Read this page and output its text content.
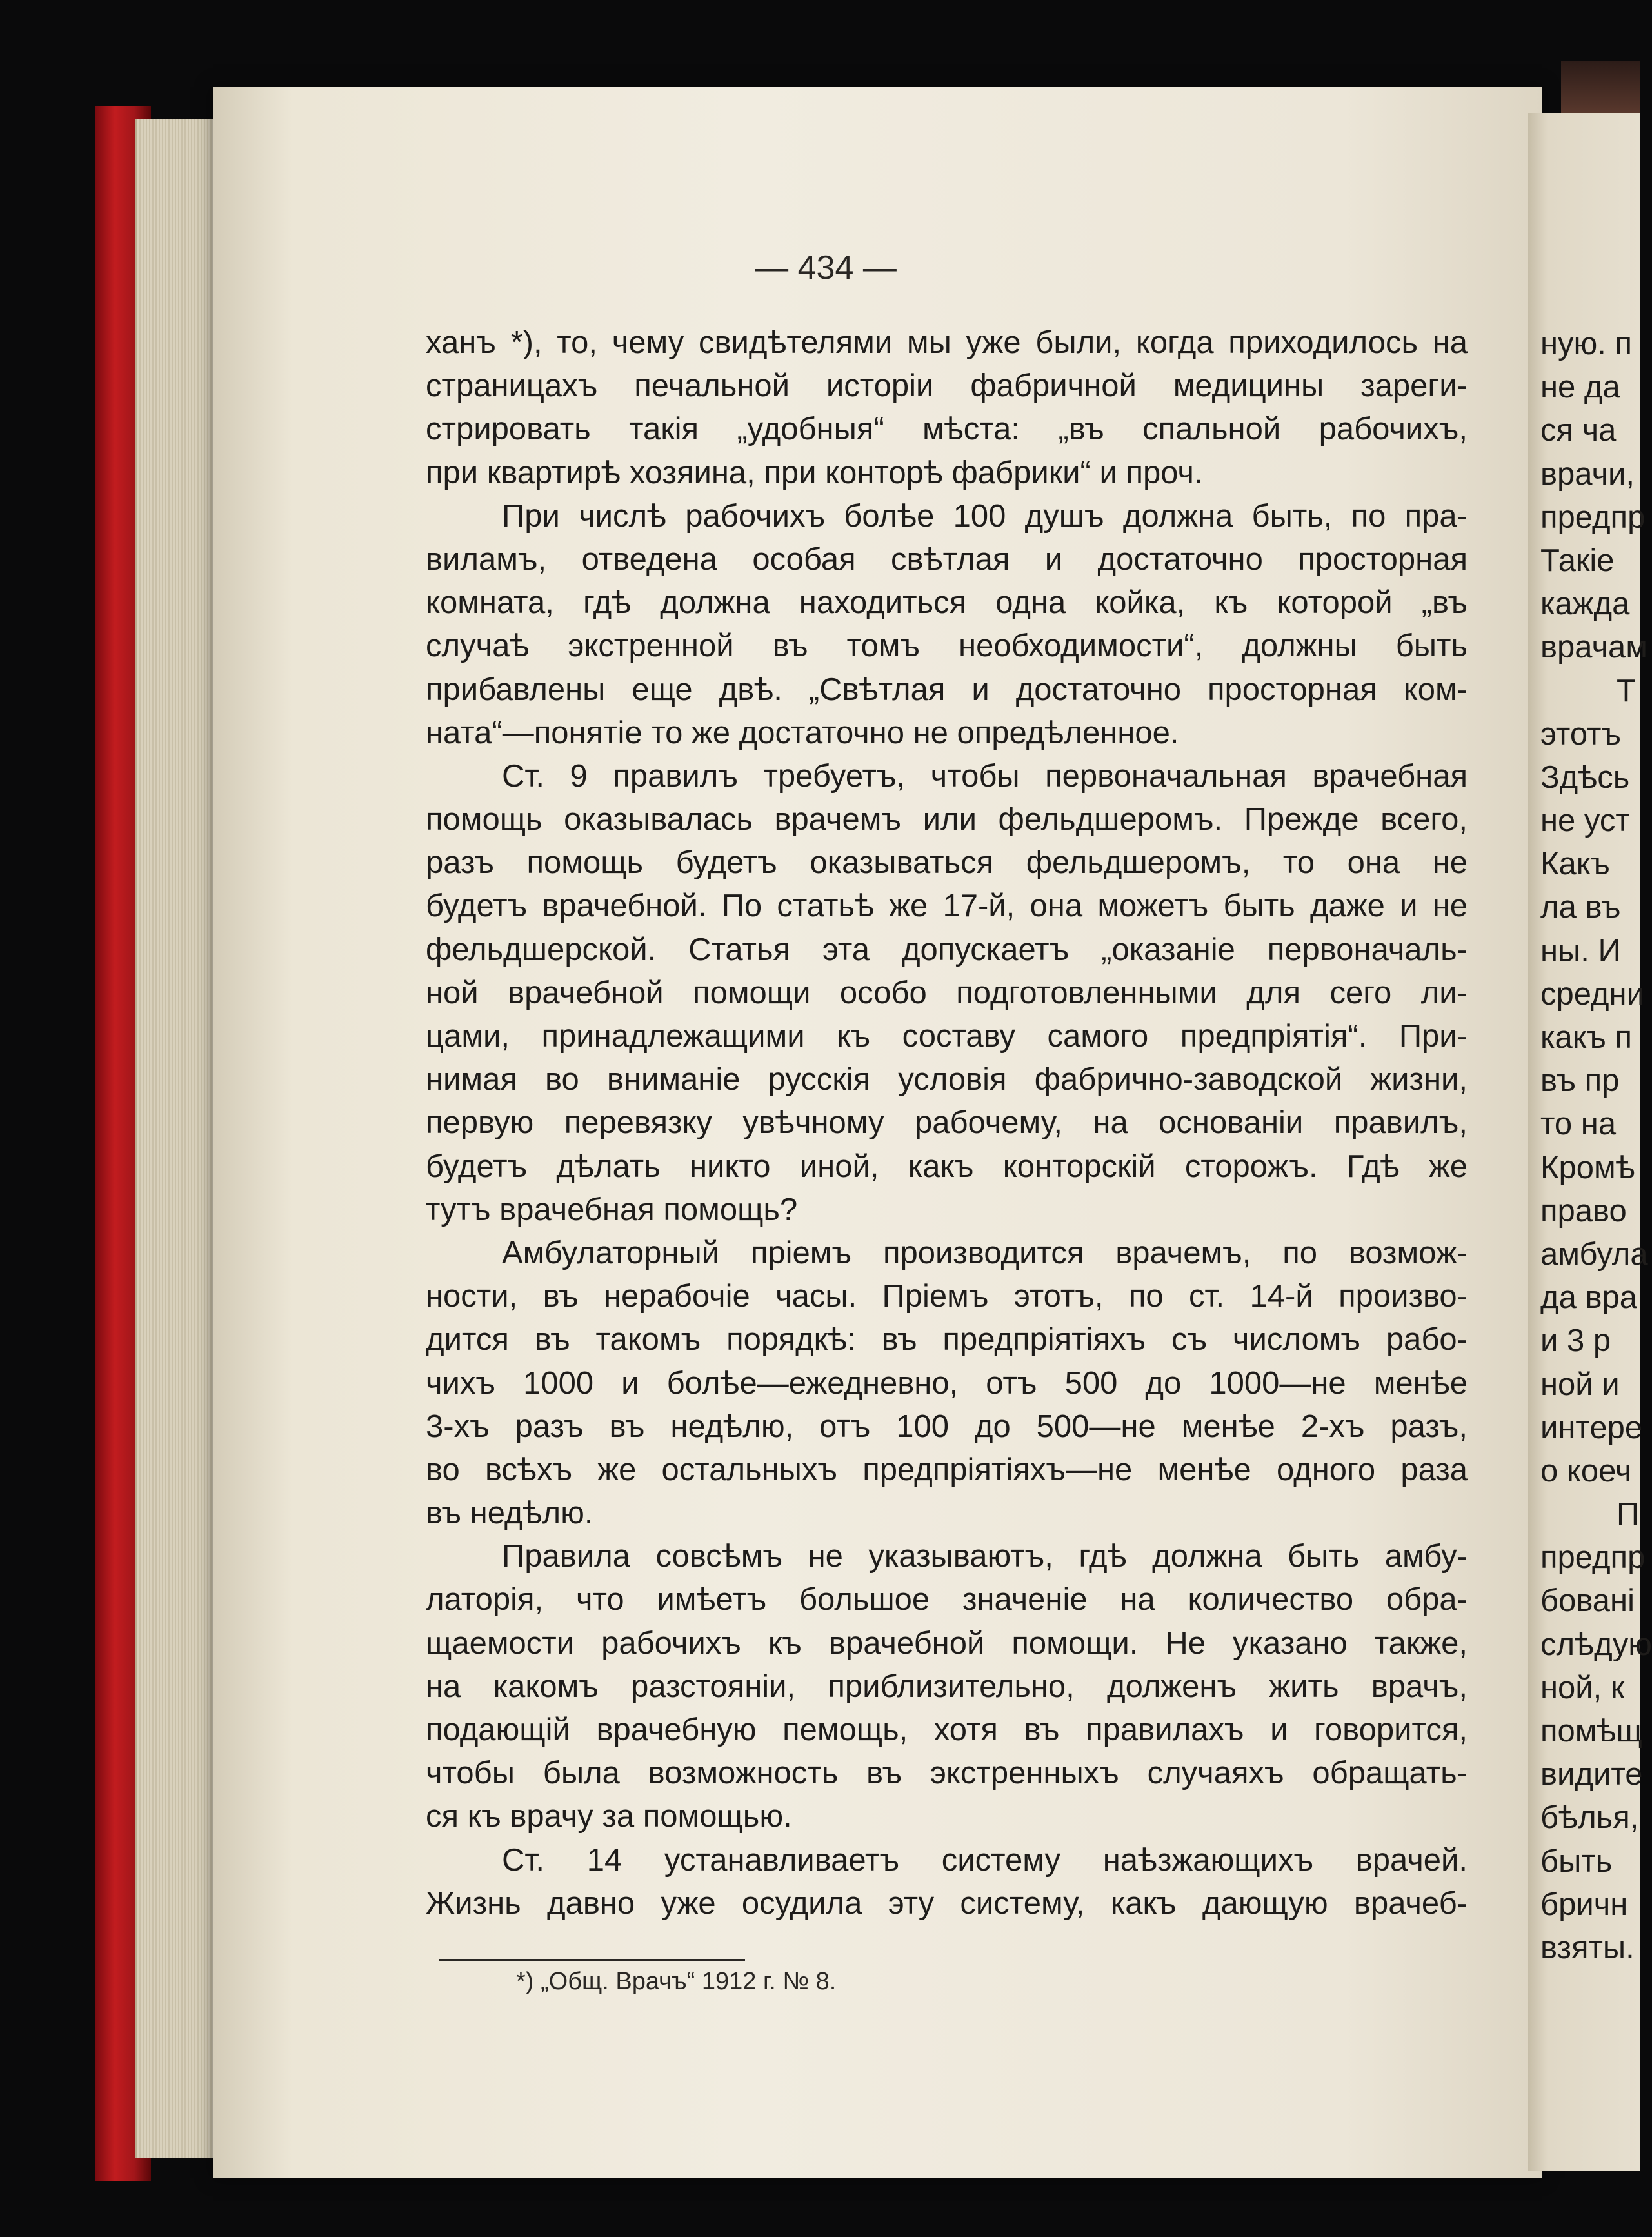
— 434 —
ханъ *), то, чему свидѣтелями мы уже были, когда приходилось на
страницахъ печальной исторіи фабричной медицины зареги-
стрировать такія „удобныя“ мѣста: „въ спальной рабочихъ,
при квартирѣ хозяина, при конторѣ фабрики“ и проч.
При числѣ рабочихъ болѣе 100 душъ должна быть, по пра-
виламъ, отведена особая свѣтлая и достаточно просторная
комната, гдѣ должна находиться одна койка, къ которой „въ
случаѣ экстренной въ томъ необходимости“, должны быть
прибавлены еще двѣ. „Свѣтлая и достаточно просторная ком-
ната“—понятіе то же достаточно не опредѣленное.
Ст. 9 правилъ требуетъ, чтобы первоначальная врачебная
помощь оказывалась врачемъ или фельдшеромъ. Прежде всего,
разъ помощь будетъ оказываться фельдшеромъ, то она не
будетъ врачебной. По статьѣ же 17-й, она можетъ быть даже и не
фельдшерской. Статья эта допускаетъ „оказаніе первоначаль-
ной врачебной помощи особо подготовленными для сего ли-
цами, принадлежащими къ составу самого предпріятія“. При-
нимая во вниманіе русскія условія фабрично-заводской жизни,
первую перевязку увѣчному рабочему, на основаніи правилъ,
будетъ дѣлать никто иной, какъ конторскій сторожъ. Гдѣ же
тутъ врачебная помощь?
Амбулаторный пріемъ производится врачемъ, по возмож-
ности, въ нерабочіе часы. Пріемъ этотъ, по ст. 14-й произво-
дится въ такомъ порядкѣ: въ предпріятіяхъ съ числомъ рабо-
чихъ 1000 и болѣе—ежедневно, отъ 500 до 1000—не менѣе
3-хъ разъ въ недѣлю, отъ 100 до 500—не менѣе 2-хъ разъ,
во всѣхъ же остальныхъ предпріятіяхъ—не менѣе одного раза
въ недѣлю.
Правила совсѣмъ не указываютъ, гдѣ должна быть амбу-
латорія, что имѣетъ большое значеніе на количество обра-
щаемости рабочихъ къ врачебной помощи. Не указано также,
на какомъ разстояніи, приблизительно, долженъ жить врачъ,
подающій врачебную пемощь, хотя въ правилахъ и говорится,
чтобы была возможность въ экстренныхъ случаяхъ обращать-
ся къ врачу за помощью.
Ст. 14 устанавливаетъ систему наѣзжающихъ врачей.
Жизнь давно уже осудила эту систему, какъ дающую врачеб-
*) „Общ. Врачъ“ 1912 г. № 8.
ную. п
не да
ся ча
врачи,
предпр
Такіе
каждa
врачам
Т
этотъ
Здѣсь
не уст
Какъ
ла въ
ны. И
средни
какъ п
въ пр
то на
Кромѣ
право
амбула
да вра
и 3 р
ной и
интере
о коеч
П
предпр
бовані
слѣдую
ной, к
помѣщ
видите
бѣлья,
быть
бричн
взяты.
